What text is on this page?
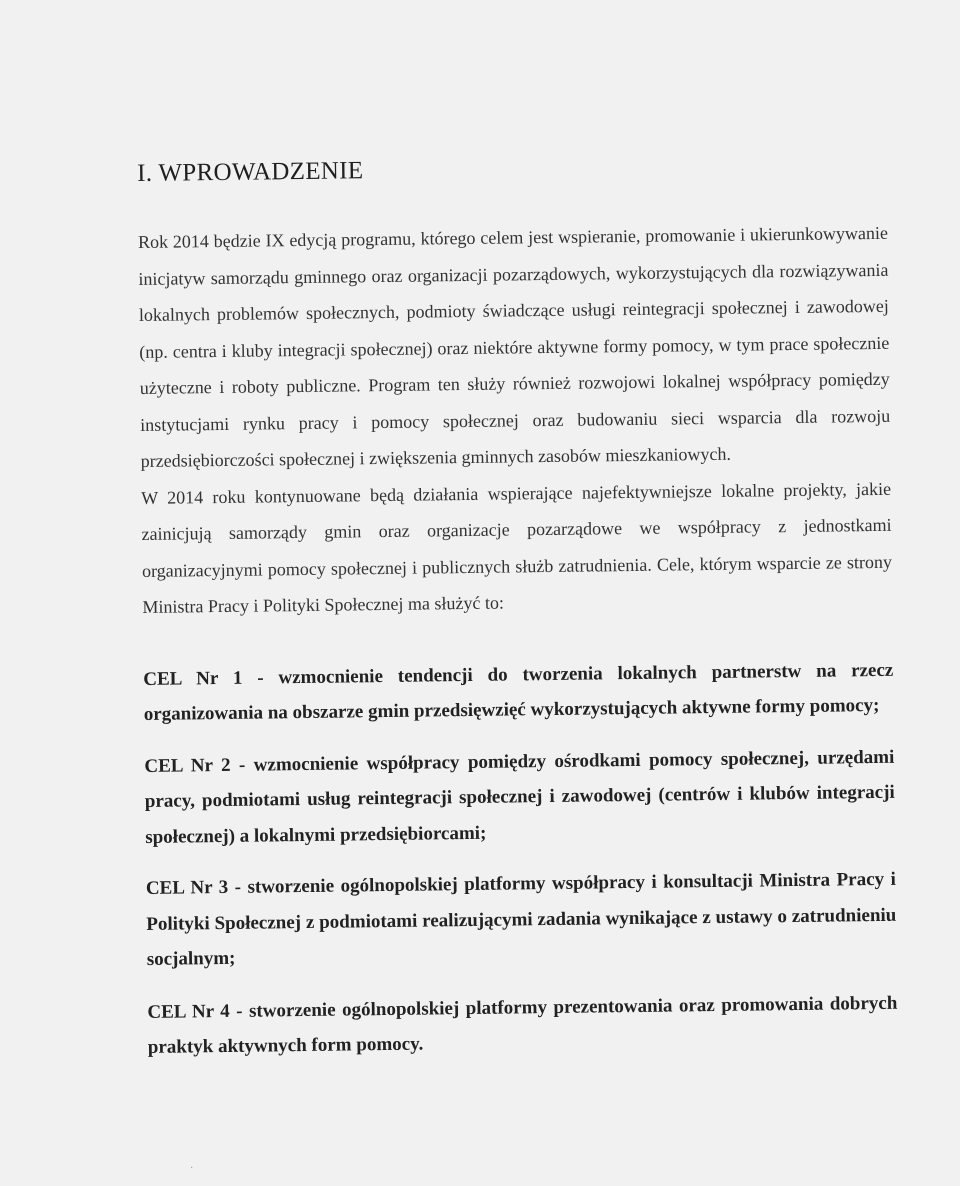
I. WPROWADZENIE

Rok 2014 będzie IX edycją programu, którego celem jest wspieranie, promowanie i ukierunkowywanie inicjatyw samorządu gminnego oraz organizacji pozarządowych, wykorzystujących dla rozwiązywania lokalnych problemów społecznych, podmioty świadczące usługi reintegracji społecznej i zawodowej (np. centra i kluby integracji społecznej) oraz niektóre aktywne formy pomocy, w tym prace społecznie użyteczne i roboty publiczne. Program ten służy również rozwojowi lokalnej współpracy pomiędzy instytucjami rynku pracy i pomocy społecznej oraz budowaniu sieci wsparcia dla rozwoju przedsiębiorczości społecznej i zwiększenia gminnych zasobów mieszkaniowych.

W 2014 roku kontynuowane będą działania wspierające najefektywniejsze lokalne projekty, jakie zainicjują samorządy gmin oraz organizacje pozarządowe we współpracy z jednostkami organizacyjnymi pomocy społecznej i publicznych służb zatrudnienia. Cele, którym wsparcie ze strony Ministra Pracy i Polityki Społecznej ma służyć to:

CEL Nr 1 - wzmocnienie tendencji do tworzenia lokalnych partnerstw na rzecz organizowania na obszarze gmin przedsięwzięć wykorzystujących aktywne formy pomocy;

CEL Nr 2 - wzmocnienie współpracy pomiędzy ośrodkami pomocy społecznej, urzędami pracy, podmiotami usług reintegracji społecznej i zawodowej (centrów i klubów integracji społecznej) a lokalnymi przedsiębiorcami;

CEL Nr 3 - stworzenie ogólnopolskiej platformy współpracy i konsultacji Ministra Pracy i Polityki Społecznej z podmiotami realizującymi zadania wynikające z ustawy o zatrudnieniu socjalnym;

CEL Nr 4 - stworzenie ogólnopolskiej platformy prezentowania oraz promowania dobrych praktyk aktywnych form pomocy.

·
